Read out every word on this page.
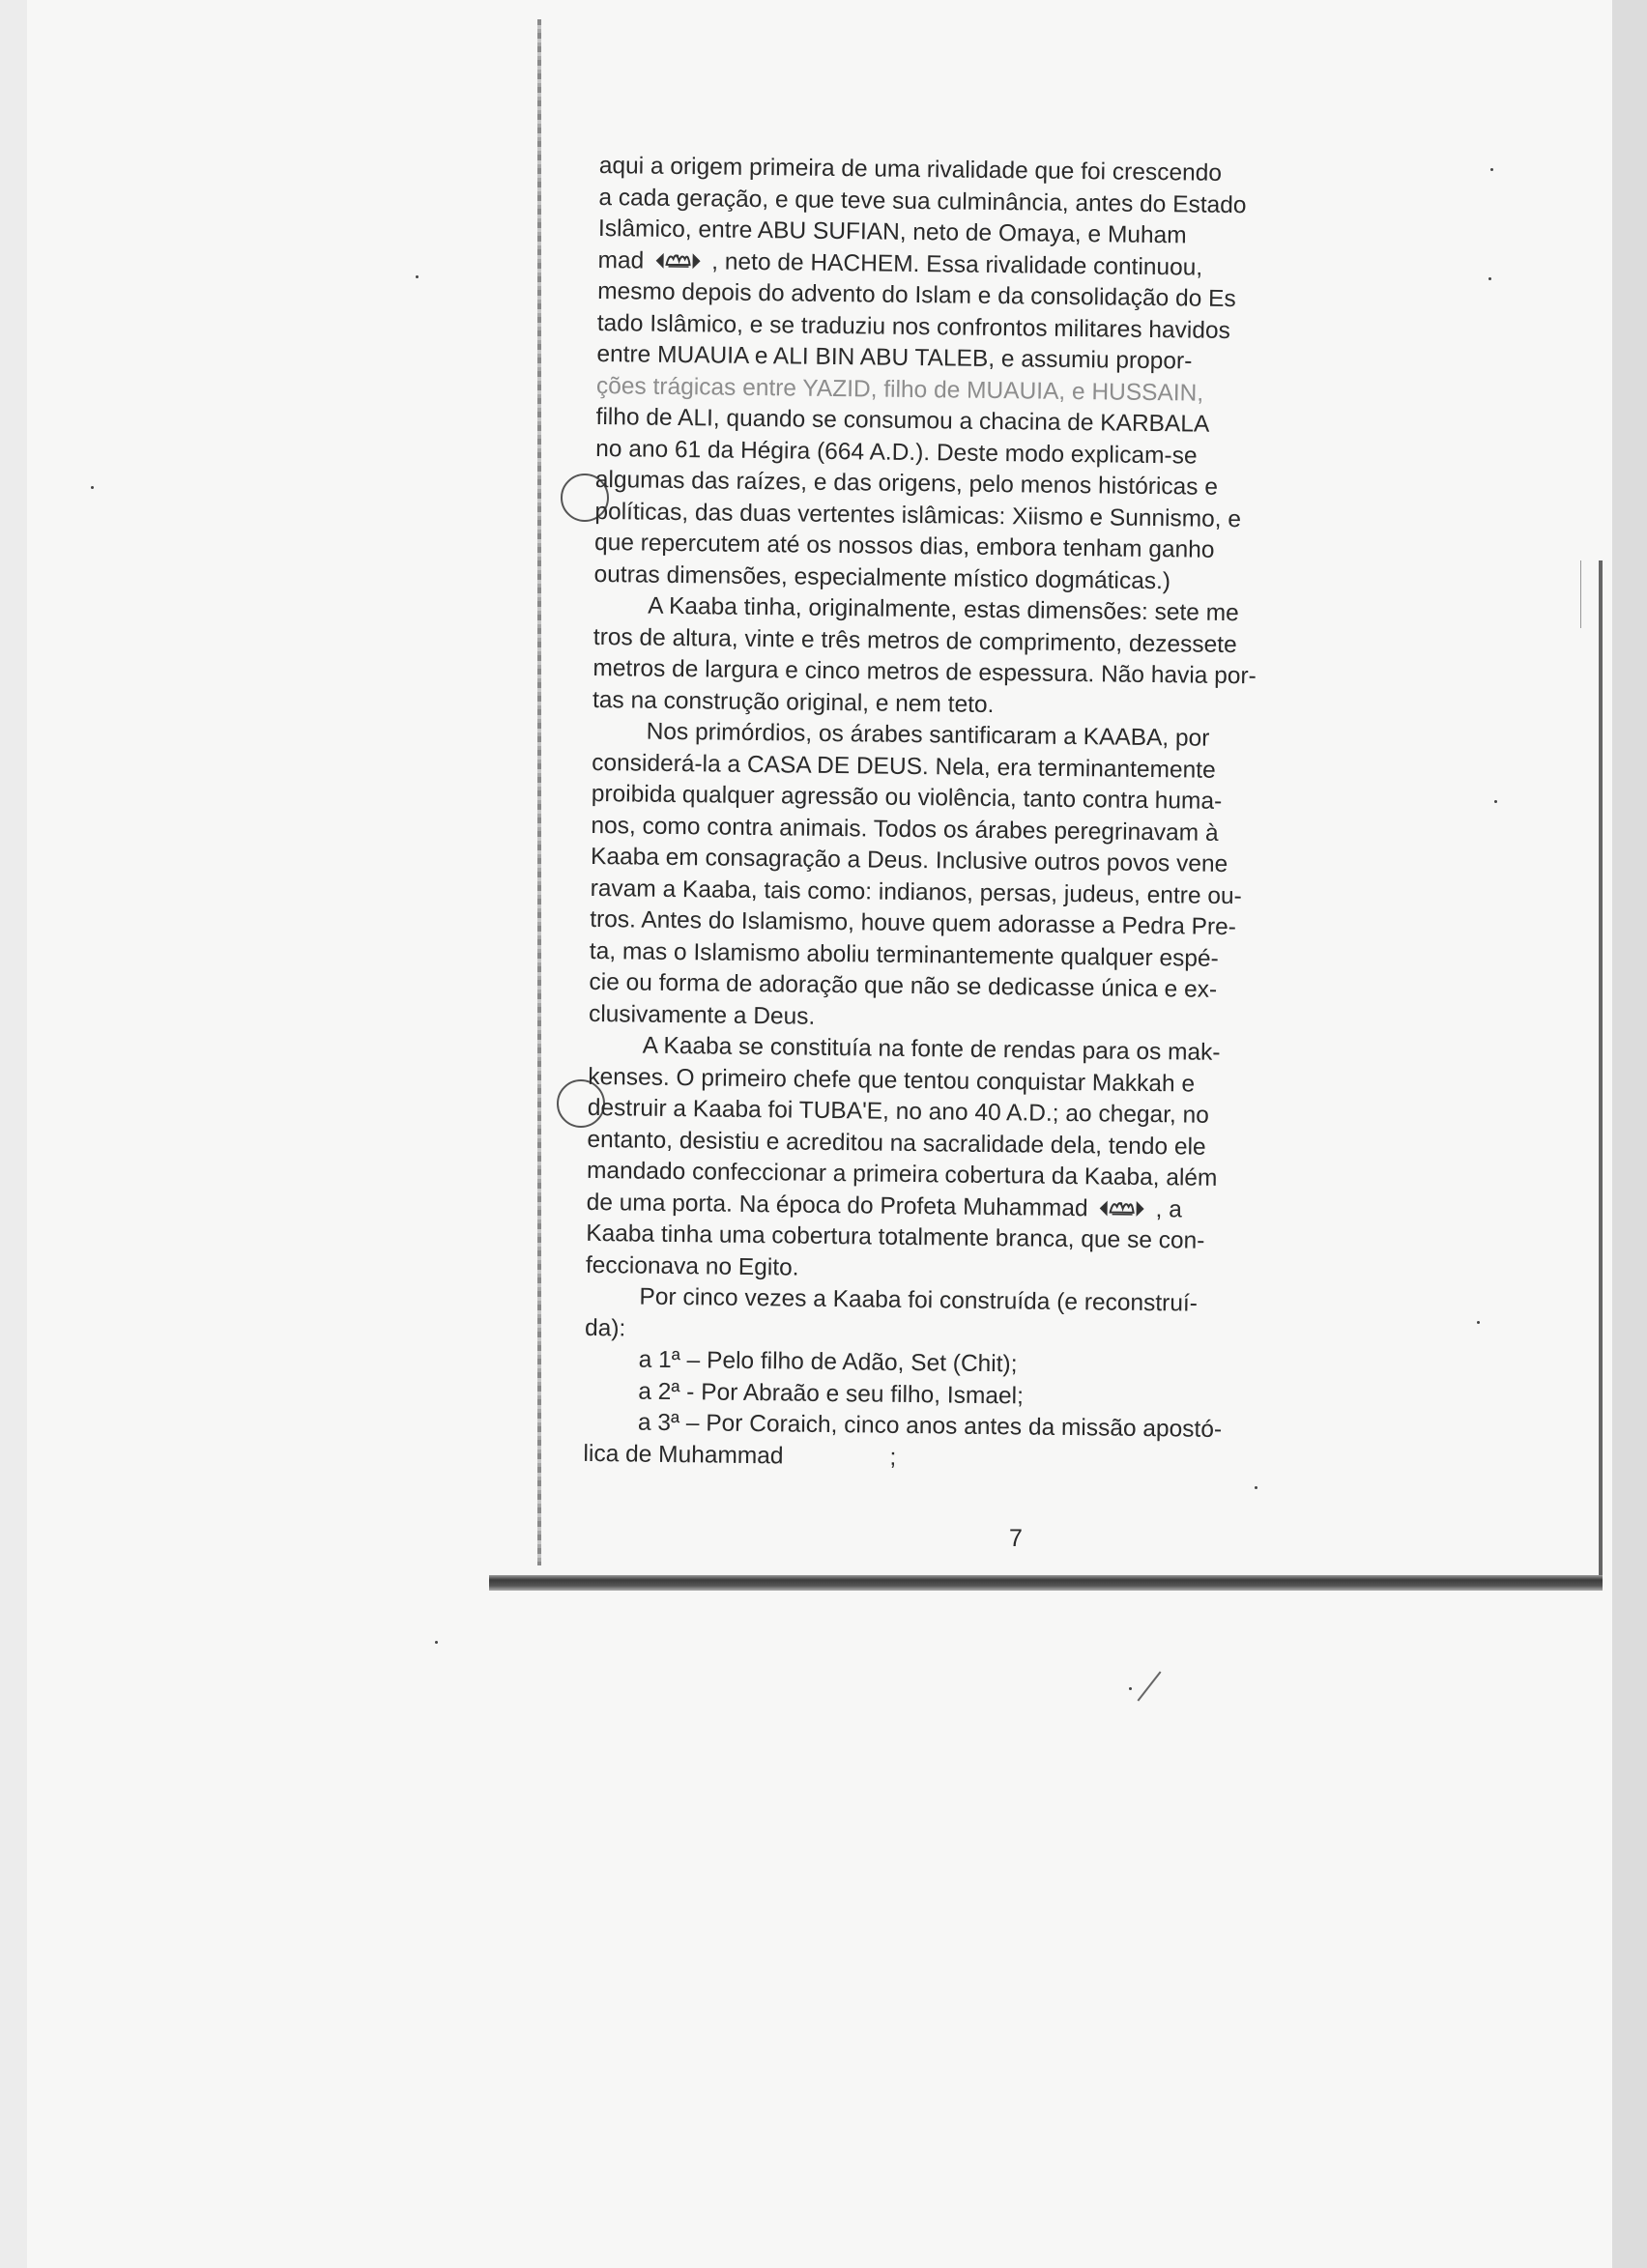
7
aqui a origem primeira de uma rivalidade que foi crescendo
a cada geração, e que teve sua culminância, antes do Estado
Islâmico, entre ABU SUFIAN, neto de Omaya, e Muham
mad	, neto de HACHEM. Essa rivalidade continuou,
mesmo depois do advento do Islam e da consolidação do Es
tado Islâmico, e se traduziu nos confrontos militares havidos
entre MUAUIA e ALI BIN ABU TALEB, e assumiu propor-
ções trágicas entre YAZID, filho de MUAUIA, e HUSSAIN,
filho de ALI, quando se consumou a chacina de KARBALA
no ano 61 da Hégira (664 A.D.). Deste modo explicam-se
algumas das raízes, e das origens, pelo menos históricas e
políticas, das duas vertentes islâmicas: Xiismo e Sunnismo, e
que repercutem até os nossos dias, embora tenham ganho
outras dimensões, especialmente místico dogmáticas.)
A Kaaba tinha, originalmente, estas dimensões: sete me
tros de altura, vinte e três metros de comprimento, dezessete
metros de largura e cinco metros de espessura. Não havia por-
tas na construção original, e nem teto.
Nos primórdios, os árabes santificaram a KAABA, por
considerá-la a CASA DE DEUS. Nela, era terminantemente
proibida qualquer agressão ou violência, tanto contra huma-
nos, como contra animais. Todos os árabes peregrinavam à
Kaaba em consagração a Deus. Inclusive outros povos vene
ravam a Kaaba, tais como: indianos, persas, judeus, entre ou-
tros. Antes do Islamismo, houve quem adorasse a Pedra Pre-
ta, mas o Islamismo aboliu terminantemente qualquer espé-
cie ou forma de adoração que não se dedicasse única e ex-
clusivamente a Deus.
A Kaaba se constituía na fonte de rendas para os mak-
kenses. O primeiro chefe que tentou conquistar Makkah e
destruir a Kaaba foi TUBA'E, no ano 40 A.D.; ao chegar, no
entanto, desistiu e acreditou na sacralidade dela, tendo ele
mandado confeccionar a primeira cobertura da Kaaba, além
de uma porta. Na época do Profeta Muhammad	, a
Kaaba tinha uma cobertura totalmente branca, que se con-
feccionava no Egito.
Por cinco vezes a Kaaba foi construída (e reconstruí-
da):
a 1ª – Pelo filho de Adão, Set (Chit);
a 2ª - Por Abraão e seu filho, Ismael;
a 3ª – Por Coraich, cinco anos antes da missão apostó-
lica de Muhammad	;
